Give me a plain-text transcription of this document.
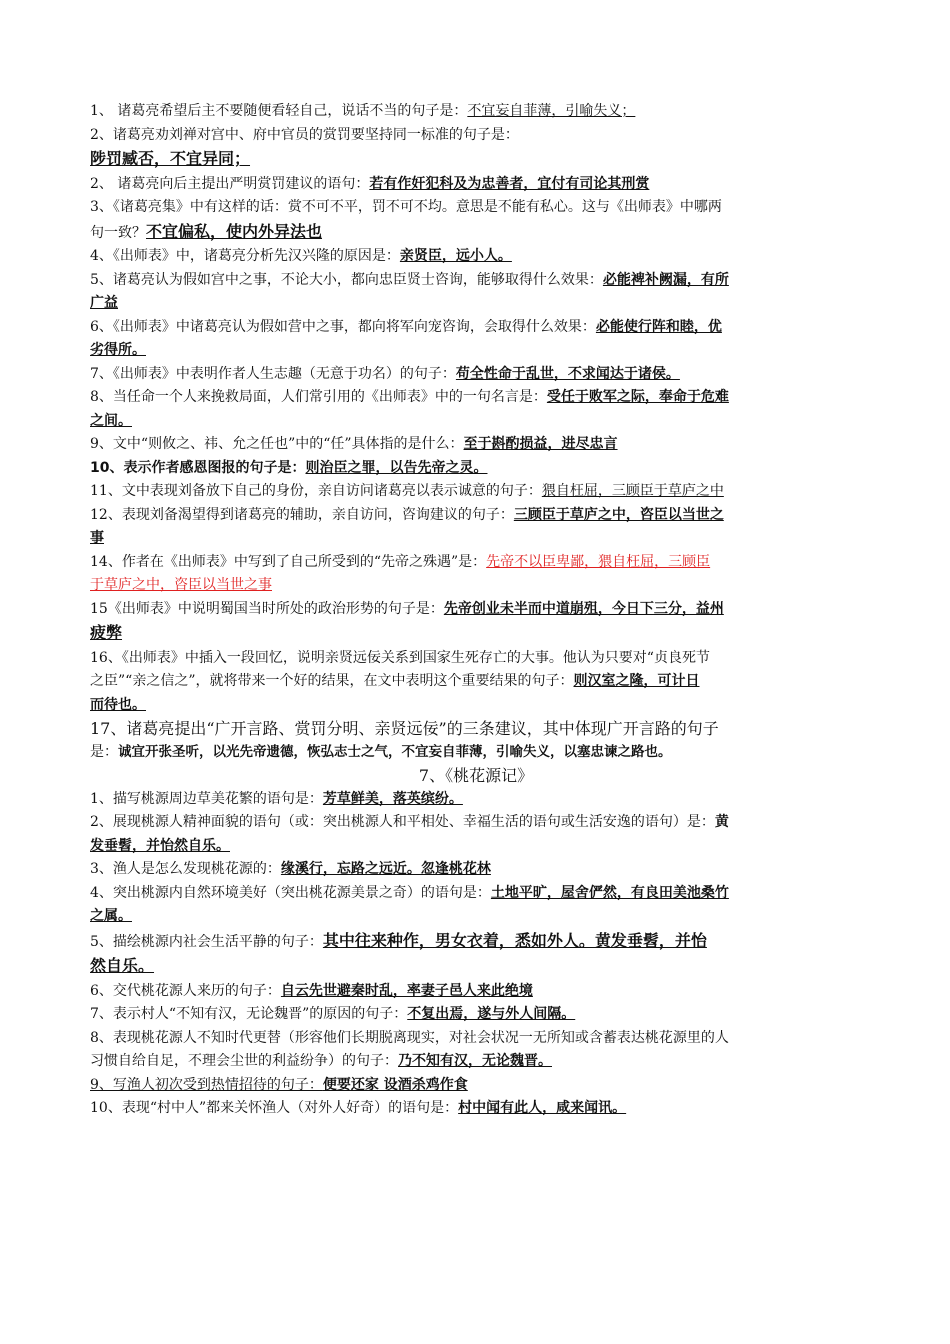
1、 诸葛亮希望后主不要随便看轻自己，说话不当的句子是：不宜妄自菲薄，引喻失义；
2、诸葛亮劝刘禅对宫中、府中官员的赏罚要坚持同一标准的句子是：
陟罚臧否，不宜异同；
2、 诸葛亮向后主提出严明赏罚建议的语句：若有作奸犯科及为忠善者，宜付有司论其刑赏
3、《诸葛亮集》中有这样的话：赏不可不平，罚不可不均。意思是不能有私心。这与《出师表》中哪两
句一致？不宜偏私，使内外异法也
4、《出师表》中，诸葛亮分析先汉兴隆的原因是：亲贤臣，远小人。
5、诸葛亮认为假如宫中之事，不论大小，都向忠臣贤士咨询，能够取得什么效果：必能裨补阙漏，有所
广益
6、《出师表》中诸葛亮认为假如营中之事，都向将军向宠咨询，会取得什么效果：必能使行阵和睦，优
劣得所。
7、《出师表》中表明作者人生志趣（无意于功名）的句子：苟全性命于乱世，不求闻达于诸侯。
8、当任命一个人来挽救局面，人们常引用的《出师表》中的一句名言是：受任于败军之际，奉命于危难
之间。
9、文中“则攸之、祎、允之任也”中的“任”具体指的是什么：至于斟酌损益，进尽忠言
10、表示作者感恩图报的句子是：则治臣之罪，以告先帝之灵。
11、文中表现刘备放下自己的身份，亲自访问诸葛亮以表示诚意的句子：猥自枉屈，三顾臣于草庐之中
12、表现刘备渴望得到诸葛亮的辅助，亲自访问，咨询建议的句子：三顾臣于草庐之中，咨臣以当世之
事
14、作者在《出师表》中写到了自己所受到的“先帝之殊遇”是：先帝不以臣卑鄙，猥自枉屈，三顾臣
于草庐之中，咨臣以当世之事
15《出师表》中说明蜀国当时所处的政治形势的句子是：先帝创业未半而中道崩殂，今日下三分，益州
疲弊
16、《出师表》中插入一段回忆，说明亲贤远佞关系到国家生死存亡的大事。他认为只要对“贞良死节
之臣”“亲之信之”，就将带来一个好的结果，在文中表明这个重要结果的句子：则汉室之隆，可计日
而待也。
17、诸葛亮提出“广开言路、赏罚分明、亲贤远佞”的三条建议，其中体现广开言路的句子
是：诚宜开张圣听，以光先帝遗德，恢弘志士之气，不宜妄自菲薄，引喻失义，以塞忠谏之路也。
7、《桃花源记》
1、描写桃源周边草美花繁的语句是：芳草鲜美，落英缤纷。
2、展现桃源人精神面貌的语句（或：突出桃源人和平相处、幸福生活的语句或生活安逸的语句）是：黄
发垂髫，并怡然自乐。
3、渔人是怎么发现桃花源的：缘溪行，忘路之远近。忽逢桃花林
4、突出桃源内自然环境美好（突出桃花源美景之奇）的语句是：土地平旷，屋舍俨然，有良田美池桑竹
之属。
5、描绘桃源内社会生活平静的句子：其中往来种作，男女衣着，悉如外人。黄发垂髫，并怡
然自乐。
6、交代桃花源人来历的句子：自云先世避秦时乱，率妻子邑人来此绝境
7、表示村人“不知有汉，无论魏晋”的原因的句子：不复出焉，遂与外人间隔。
8、表现桃花源人不知时代更替（形容他们长期脱离现实，对社会状况一无所知或含蓄表达桃花源里的人
习惯自给自足，不理会尘世的利益纷争）的句子：乃不知有汉，无论魏晋。
9、写渔人初次受到热情招待的句子：便要还家 设酒杀鸡作食
10、表现“村中人”都来关怀渔人（对外人好奇）的语句是：村中闻有此人，咸来闻讯。
